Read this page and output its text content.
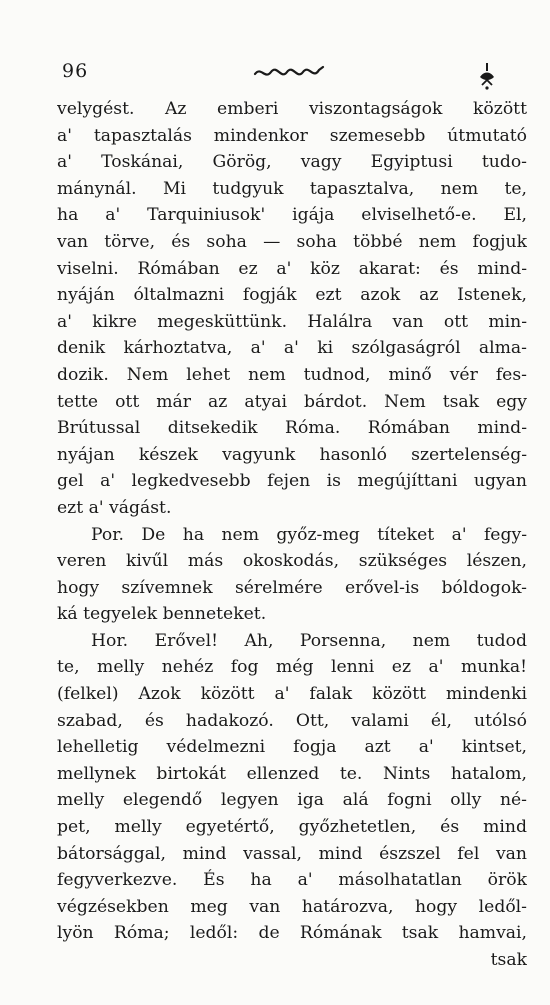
96
velygést. Az emberi viszontagságok között
a' tapasztalás mindenkor szemesebb útmutató
a' Toskánai, Görög, vagy Egyiptusi tudo-
mánynál. Mi tudgyuk tapasztalva, nem te,
ha a' Tarquiniusok' igája elviselhető-e. El,
van törve, és soha — soha többé nem fogjuk
viselni. Rómában ez a' köz akarat: és mind-
nyáján óltalmazni fogják ezt azok az Istenek,
a' kikre megesküttünk. Halálra van ott min-
denik kárhoztatva, a' a' ki szólgaságról alma-
dozik. Nem lehet nem tudnod, minő vér fes-
tette ott már az atyai bárdot. Nem tsak egy
Brútussal ditsekedik Róma. Rómában mind-
nyájan készek vagyunk hasonló szertelenség-
gel a' legkedvesebb fejen is megújíttani ugyan
ezt a' vágást.
Por. De ha nem győz-meg títeket a' fegy-
veren kivűl más okoskodás, szükséges lészen,
hogy szívemnek sérelmére erővel-is bóldogok-
ká tegyelek benneteket.
Hor. Erővel! Ah, Porsenna, nem tudod
te, melly nehéz fog még lenni ez a' munka!
(felkel) Azok között a' falak között mindenki
szabad, és hadakozó. Ott, valami él, utólsó
lehelletig védelmezni fogja azt a' kintset,
mellynek birtokát ellenzed te. Nints hatalom,
melly elegendő legyen iga alá fogni olly né-
pet, melly egyetértő, győzhetetlen, és mind
bátorsággal, mind vassal, mind észszel fel van
fegyverkezve. És ha a' másolhatatlan örök
végzésekben meg van határozva, hogy ledől-
lyön Róma; ledől: de Rómának tsak hamvai,
tsak
